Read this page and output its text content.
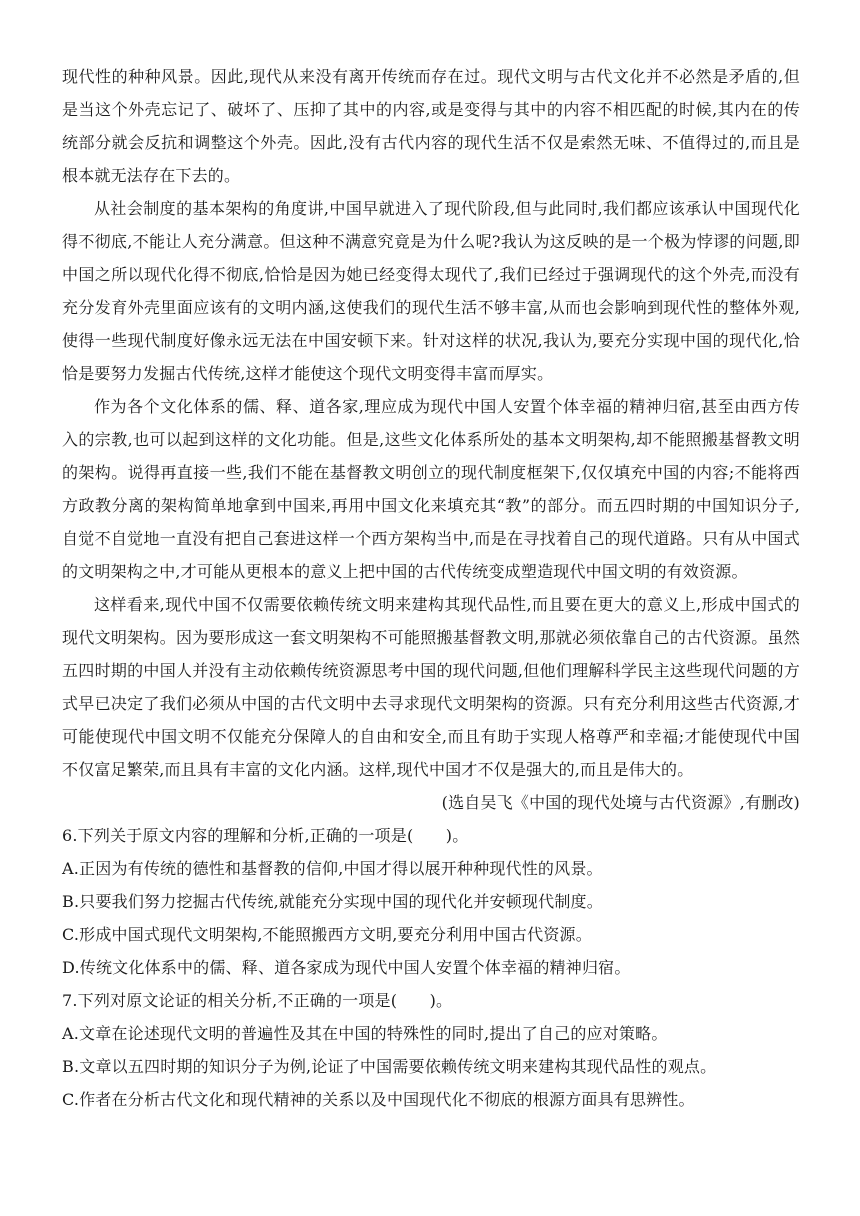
现代性的种种风景。因此,现代从来没有离开传统而存在过。现代文明与古代文化并不必然是矛盾的,但是当这个外壳忘记了、破坏了、压抑了其中的内容,或是变得与其中的内容不相匹配的时候,其内在的传统部分就会反抗和调整这个外壳。因此,没有古代内容的现代生活不仅是索然无味、不值得过的,而且是根本就无法存在下去的。

从社会制度的基本架构的角度讲,中国早就进入了现代阶段,但与此同时,我们都应该承认中国现代化得不彻底,不能让人充分满意。但这种不满意究竟是为什么呢?我认为这反映的是一个极为悖谬的问题,即中国之所以现代化得不彻底,恰恰是因为她已经变得太现代了,我们已经过于强调现代的这个外壳,而没有充分发育外壳里面应该有的文明内涵,这使我们的现代生活不够丰富,从而也会影响到现代性的整体外观,使得一些现代制度好像永远无法在中国安顿下来。针对这样的状况,我认为,要充分实现中国的现代化,恰恰是要努力发掘古代传统,这样才能使这个现代文明变得丰富而厚实。

作为各个文化体系的儒、释、道各家,理应成为现代中国人安置个体幸福的精神归宿,甚至由西方传入的宗教,也可以起到这样的文化功能。但是,这些文化体系所处的基本文明架构,却不能照搬基督教文明的架构。说得再直接一些,我们不能在基督教文明创立的现代制度框架下,仅仅填充中国的内容;不能将西方政教分离的架构简单地拿到中国来,再用中国文化来填充其“教”的部分。而五四时期的中国知识分子,自觉不自觉地一直没有把自己套进这样一个西方架构当中,而是在寻找着自己的现代道路。只有从中国式的文明架构之中,才可能从更根本的意义上把中国的古代传统变成塑造现代中国文明的有效资源。

这样看来,现代中国不仅需要依赖传统文明来建构其现代品性,而且要在更大的意义上,形成中国式的现代文明架构。因为要形成这一套文明架构不可能照搬基督教文明,那就必须依靠自己的古代资源。虽然五四时期的中国人并没有主动依赖传统资源思考中国的现代问题,但他们理解科学民主这些现代问题的方式早已决定了我们必须从中国的古代文明中去寻求现代文明架构的资源。只有充分利用这些古代资源,才可能使现代中国文明不仅能充分保障人的自由和安全,而且有助于实现人格尊严和幸福;才能使现代中国不仅富足繁荣,而且具有丰富的文化内涵。这样,现代中国才不仅是强大的,而且是伟大的。

(选自吴飞《中国的现代处境与古代资源》,有删改)

6.下列关于原文内容的理解和分析,正确的一项是(　　)。

A.正因为有传统的德性和基督教的信仰,中国才得以展开种种现代性的风景。

B.只要我们努力挖掘古代传统,就能充分实现中国的现代化并安顿现代制度。

C.形成中国式现代文明架构,不能照搬西方文明,要充分利用中国古代资源。

D.传统文化体系中的儒、释、道各家成为现代中国人安置个体幸福的精神归宿。

7.下列对原文论证的相关分析,不正确的一项是(　　)。

A.文章在论述现代文明的普遍性及其在中国的特殊性的同时,提出了自己的应对策略。

B.文章以五四时期的知识分子为例,论证了中国需要依赖传统文明来建构其现代品性的观点。

C.作者在分析古代文化和现代精神的关系以及中国现代化不彻底的根源方面具有思辨性。
